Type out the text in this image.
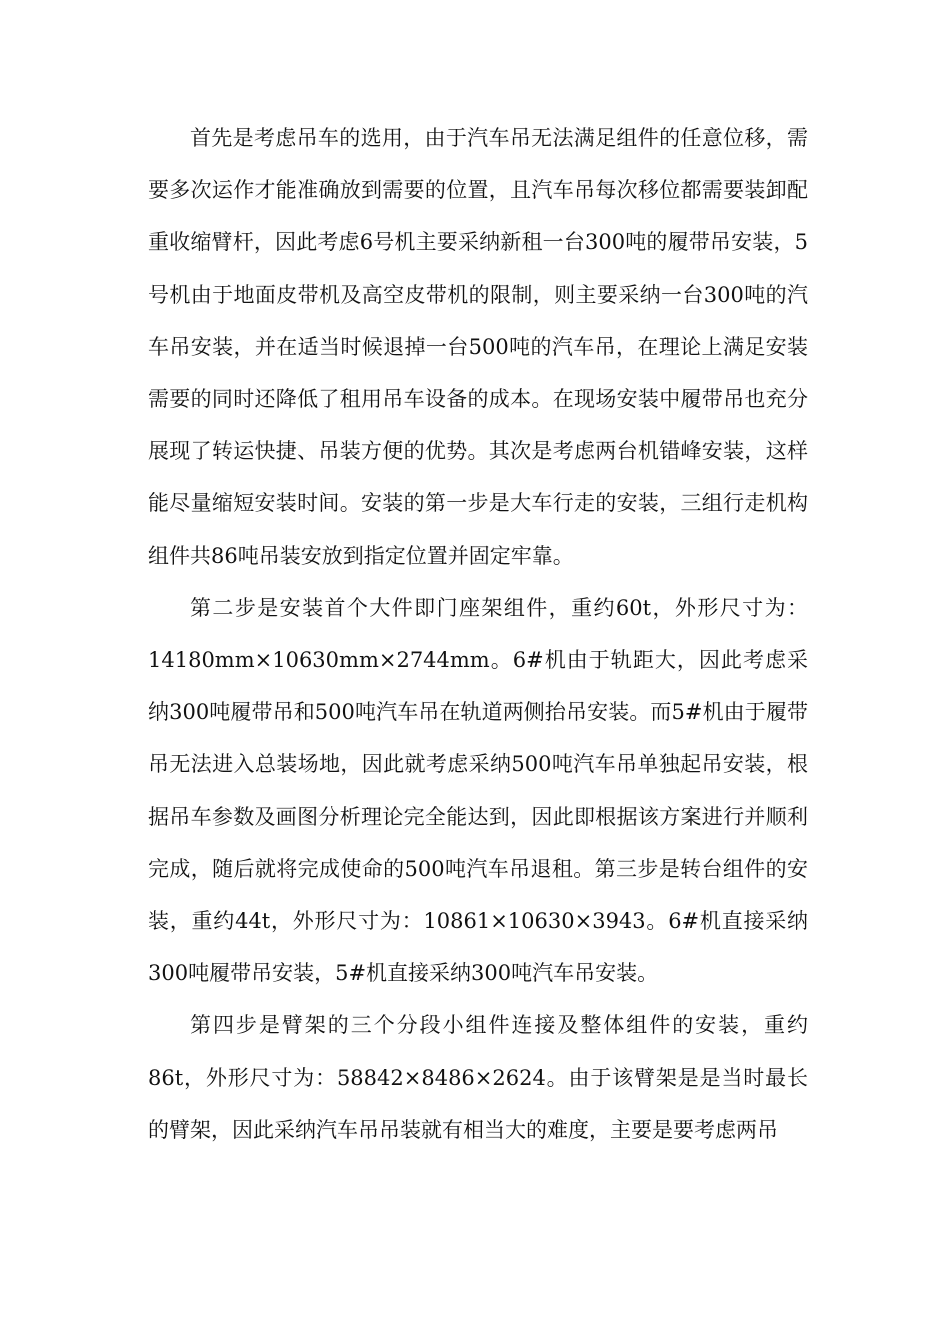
首先是考虑吊车的选用，由于汽车吊无法满足组件的任意位移，需要多次运作才能准确放到需要的位置，且汽车吊每次移位都需要装卸配重收缩臂杆，因此考虑6号机主要采纳新租一台300吨的履带吊安装，5号机由于地面皮带机及高空皮带机的限制，则主要采纳一台300吨的汽车吊安装，并在适当时候退掉一台500吨的汽车吊，在理论上满足安装需要的同时还降低了租用吊车设备的成本。在现场安装中履带吊也充分展现了转运快捷、吊装方便的优势。其次是考虑两台机错峰安装，这样能尽量缩短安装时间。安装的第一步是大车行走的安装，三组行走机构组件共86吨吊装安放到指定位置并固定牢靠。

第二步是安装首个大件即门座架组件，重约60t，外形尺寸为：14180mm×10630mm×2744mm。6#机由于轨距大，因此考虑采纳300吨履带吊和500吨汽车吊在轨道两侧抬吊安装。而5#机由于履带吊无法进入总装场地，因此就考虑采纳500吨汽车吊单独起吊安装，根据吊车参数及画图分析理论完全能达到，因此即根据该方案进行并顺利完成，随后就将完成使命的500吨汽车吊退租。第三步是转台组件的安装，重约44t，外形尺寸为：10861×10630×3943。6#机直接采纳300吨履带吊安装，5#机直接采纳300吨汽车吊安装。

第四步是臂架的三个分段小组件连接及整体组件的安装，重约86t，外形尺寸为：58842×8486×2624。由于该臂架是是当时最长的臂架，因此采纳汽车吊吊装就有相当大的难度，主要是要考虑两吊
